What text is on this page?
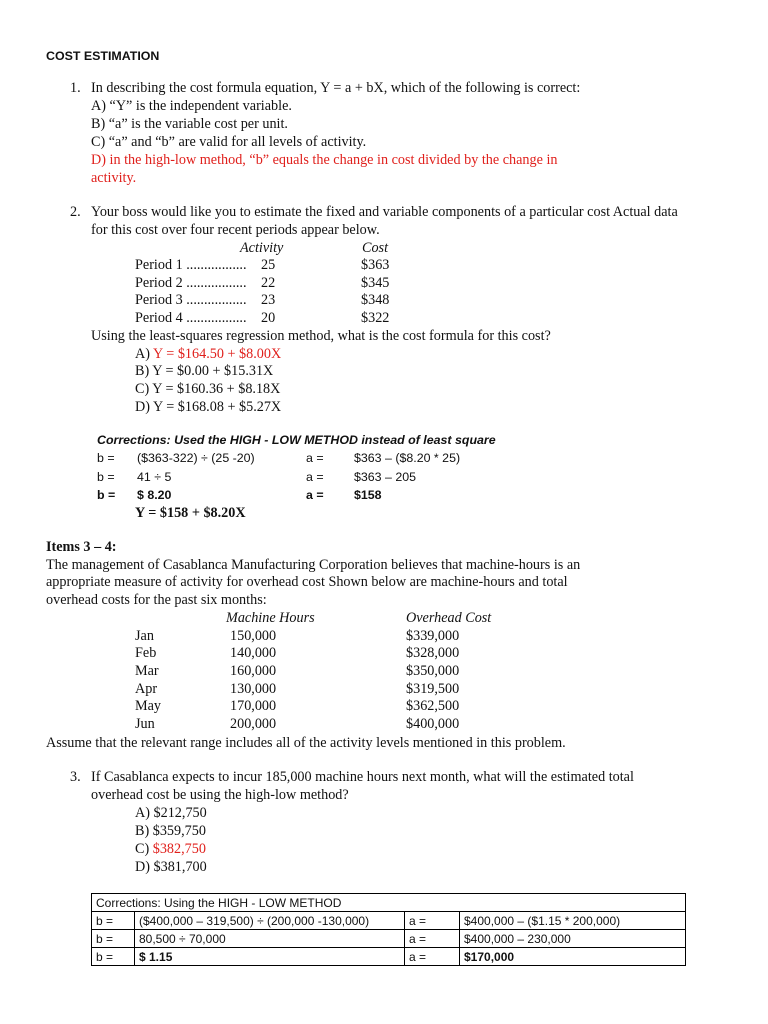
COST ESTIMATION
1. In describing the cost formula equation, Y = a + bX, which of the following is correct:
A) “Y” is the independent variable.
B) “a” is the variable cost per unit.
C) “a” and “b” are valid for all levels of activity.
D) in the high-low method, “b” equals the change in cost divided by the change in
activity.
2. Your boss would like you to estimate the fixed and variable components of a particular cost Actual data
for this cost over four recent periods appear below.
Activity	Cost
Period 1 ................. 25	$363
Period 2 ................. 22	$345
Period 3 ................. 23	$348
Period 4 ................. 20	$322
Using the least-squares regression method, what is the cost formula for this cost?
A) Y = $164.50 + $8.00X
B) Y = $0.00 + $15.31X
C) Y = $160.36 + $8.18X
D) Y = $168.08 + $5.27X
Corrections: Used the HIGH - LOW METHOD instead of least square
b = ($363-322) ÷ (25 -20)	a = $363 – ($8.20 * 25)
b = 41 ÷ 5	a = $363 – 205
b = $ 8.20	a = $158
Y = $158 + $8.20X
Items 3 – 4:
The management of Casablanca Manufacturing Corporation believes that machine-hours is an
appropriate measure of activity for overhead cost Shown below are machine-hours and total
overhead costs for the past six months:
Machine Hours	Overhead Cost
Jan	150,000	$339,000
Feb	140,000	$328,000
Mar	160,000	$350,000
Apr	130,000	$319,500
May	170,000	$362,500
Jun	200,000	$400,000
Assume that the relevant range includes all of the activity levels mentioned in this problem.
3. If Casablanca expects to incur 185,000 machine hours next month, what will the estimated total
overhead cost be using the high-low method?
A) $212,750
B) $359,750
C) $382,750
D) $381,700
Corrections: Using the HIGH - LOW METHOD			
b =	($400,000 – 319,500) ÷ (200,000 -130,000)	a =	$400,000 – ($1.15 * 200,000)
b =	80,500 ÷ 70,000	a =	$400,000 – 230,000
b =	$ 1.15	a =	$170,000
